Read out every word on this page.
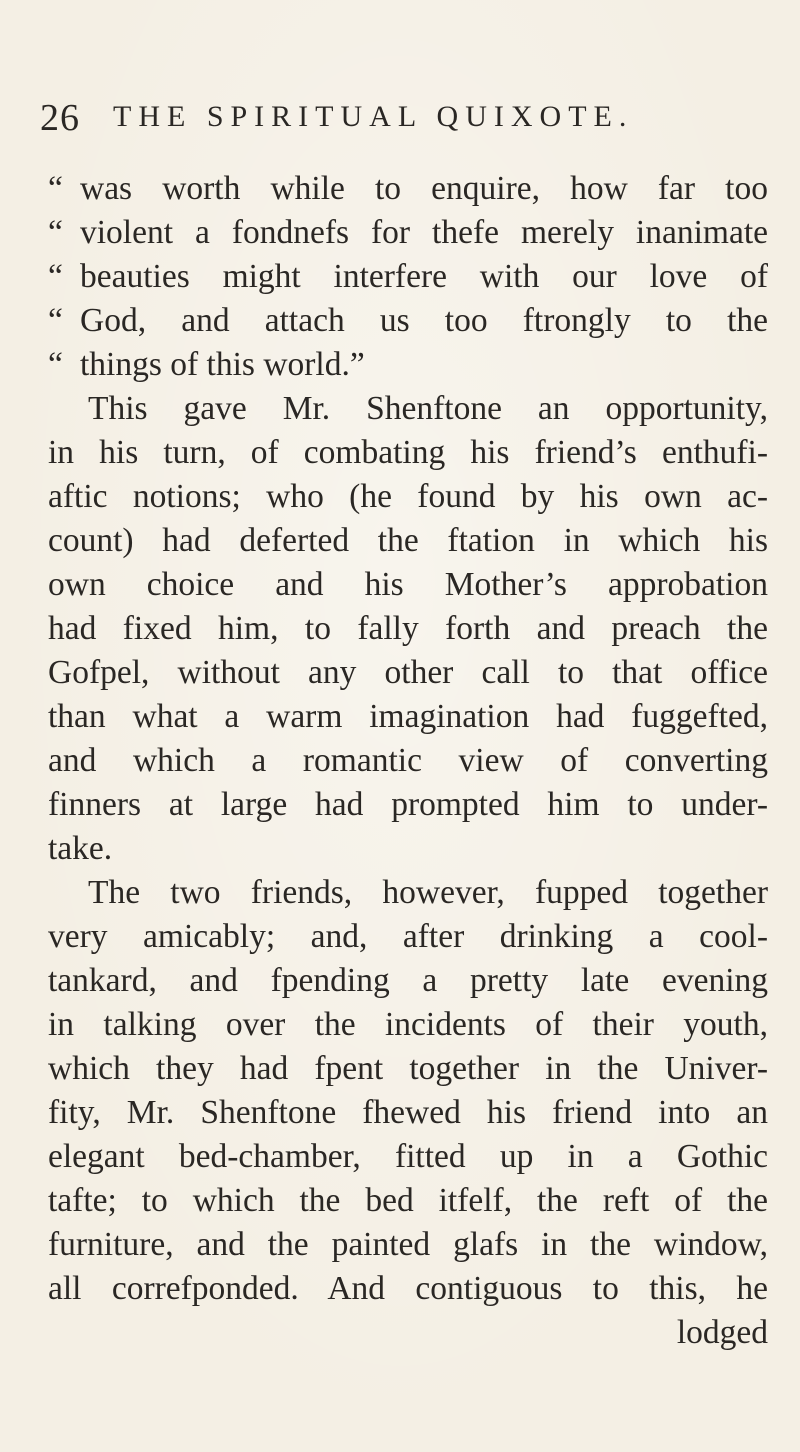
26 THE SPIRITUAL QUIXOTE.
“ was worth while to enquire, how far too
“ violent a fondnefs for thefe merely inanimate
“ beauties might interfere with our love of
“ God, and attach us too ftrongly to the
“ things of this world.”
This gave Mr. Shenftone an opportunity,
in his turn, of combating his friend’s enthufi-
aftic notions; who (he found by his own ac-
count) had deferted the ftation in which his
own choice and his Mother’s approbation
had fixed him, to fally forth and preach the
Gofpel, without any other call to that office
than what a warm imagination had fuggefted,
and which a romantic view of converting
finners at large had prompted him to under-
take.
The two friends, however, fupped together
very amicably; and, after drinking a cool-
tankard, and fpending a pretty late evening
in talking over the incidents of their youth,
which they had fpent together in the Univer-
fity, Mr. Shenftone fhewed his friend into an
elegant bed-chamber, fitted up in a Gothic
tafte; to which the bed itfelf, the reft of the
furniture, and the painted glafs in the window,
all correfponded. And contiguous to this, he
lodged
